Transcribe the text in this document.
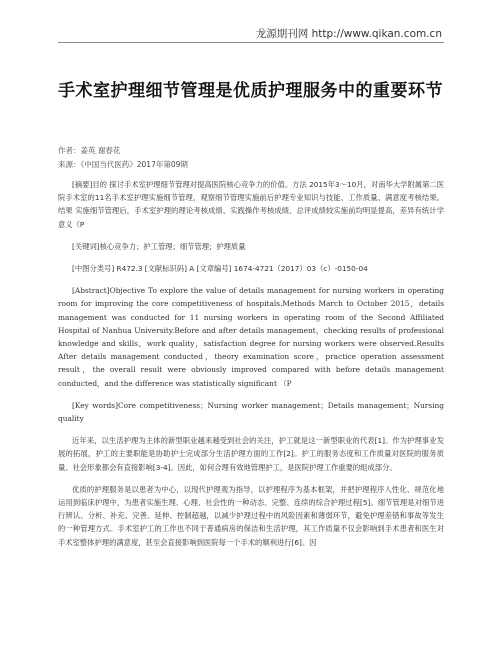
龙源期刊网 http://www.qikan.com.cn
手术室护理细节管理是优质护理服务中的重要环节
作者：姜英 谢春花
来源：《中国当代医药》2017年第09期

[摘要]目的 探讨手术室护理细节管理对提高医院核心竞争力的价值。方法 2015年3～10月，对南华大学附属第二医院手术室的11名手术室护理实施细节管理，观察细节管理实施前后护理专业知识与技能、工作质量、满意度考核结果。结果 实施细节管理后，手术室护理的理论考核成绩、实践操作考核成绩、总评成绩较实施前均明显提高，差异有统计学意义（P

[关键词]核心竞争力；护工管理；细节管理；护理质量

[中图分类号] R472.3 [文献标识码] A [文章编号] 1674-4721（2017）03（c）-0150-04

[Abstract]Objective To explore the value of details management for nursing workers in operating room for improving the core competitiveness of hospitals.Methods March to October 2015，details management was conducted for 11 nursing workers in operating room of the Second Affiliated Hospital of Nanhua University.Before and after details management，checking results of professional knowledge and skills，work quality，satisfaction degree for nursing workers were observed.Results After details management conducted，theory examination score，practice operation assessment result，the overall result were obviously improved compared with before details management conducted，and the difference was statistically significant （P

[Key words]Core competitiveness；Nursing worker management；Details management；Nursing quality

近年来，以生活护理为主体的新型职业越来越受到社会的关注，护工就是这一新型职业的代表[1]。作为护理事业发展的拓展，护工的主要职能是协助护士完成部分生活护理方面的工作[2]。护工的服务态度和工作质量对医院的服务质量、社会形象都会有直接影响[3-4]。因此，如何合理有效地管理护工，是医院护理工作重要的组成部分。

优质的护理服务是以患者为中心，以现代护理观为指导，以护理程序为基本框架，并把护理程序人性化、规范化地运用到临床护理中，为患者实施生理、心理、社会性的一种动态、完整、连续的综合护理过程[5]。细节管理是对细节进行辨认、分析、补充、完善、延伸、控制超越，以减少护理过程中的风险因素和薄弱环节，避免护理差错和事故等发生的一种管理方式。手术室护工的工作也不同于普通病房的保洁和生活护理，其工作质量不仅会影响到手术患者和医生对手术室整体护理的满意度，甚至会直接影响到医院每一个手术的顺利进行[6]。因
